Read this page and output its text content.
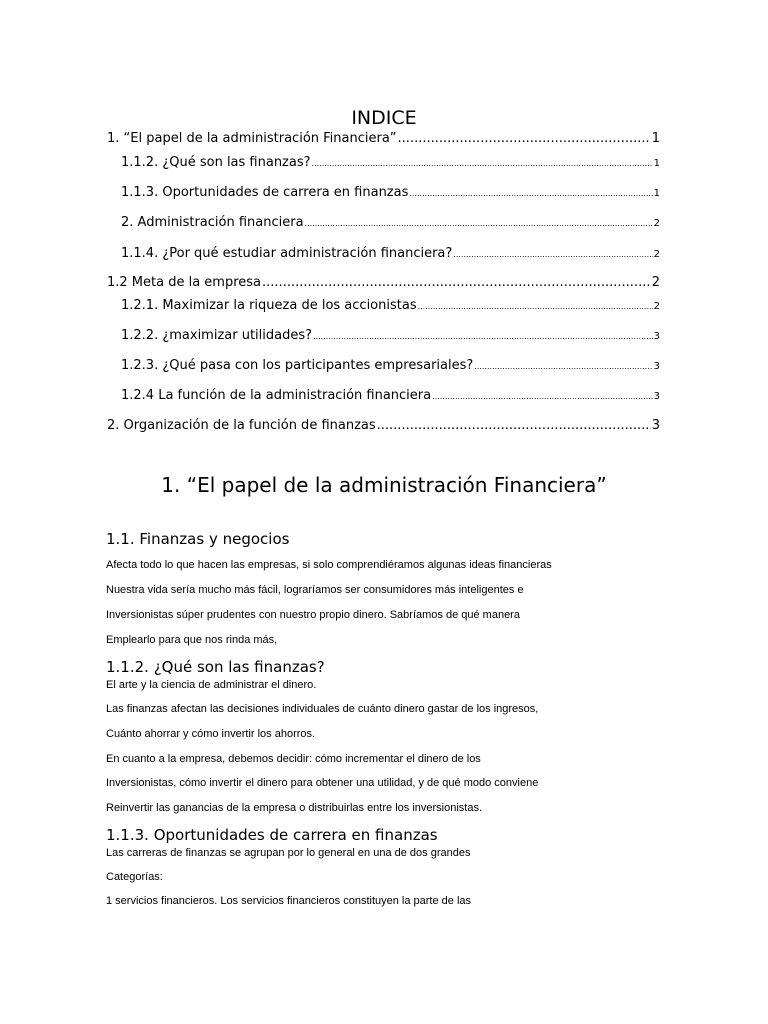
INDICE
1. “El papel de la administración Financiera” .....	1
1.1.2. ¿Qué son las finanzas? .....	1
1.1.3. Oportunidades de carrera en finanzas .....	1
2. Administración financiera .....	2
1.1.4. ¿Por qué estudiar administración financiera? .....	2
1.2 Meta de la empresa .....	2
1.2.1. Maximizar la riqueza de los accionistas .....	2
1.2.2. ¿maximizar utilidades? .....	3
1.2.3. ¿Qué pasa con los participantes empresariales? .....	3
1.2.4 La función de la administración financiera .....	3
2. Organización de la función de finanzas .....	3
1. “El papel de la administración Financiera”
1.1. Finanzas y negocios

Afecta todo lo que hacen las empresas, si solo comprendiéramos algunas ideas financieras

Nuestra vida sería mucho más fácil, lograríamos ser consumidores más inteligentes e

Inversionistas súper prudentes con nuestro propio dinero. Sabríamos de qué manera

Emplearlo para que nos rinda más,

1.1.2. ¿Qué son las finanzas?

El arte y la ciencia de administrar el dinero.

Las finanzas afectan las decisiones individuales de cuánto dinero gastar de los ingresos,

Cuánto ahorrar y cómo invertir los ahorros.

En cuanto a la empresa, debemos decidir: cómo incrementar el dinero de los

Inversionistas, cómo invertir el dinero para obtener una utilidad, y de qué modo conviene

Reinvertir las ganancias de la empresa o distribuirlas entre los inversionistas.

1.1.3. Oportunidades de carrera en finanzas

Las carreras de finanzas se agrupan por lo general en una de dos grandes

Categorías:

1 servicios financieros. Los servicios financieros constituyen la parte de las
